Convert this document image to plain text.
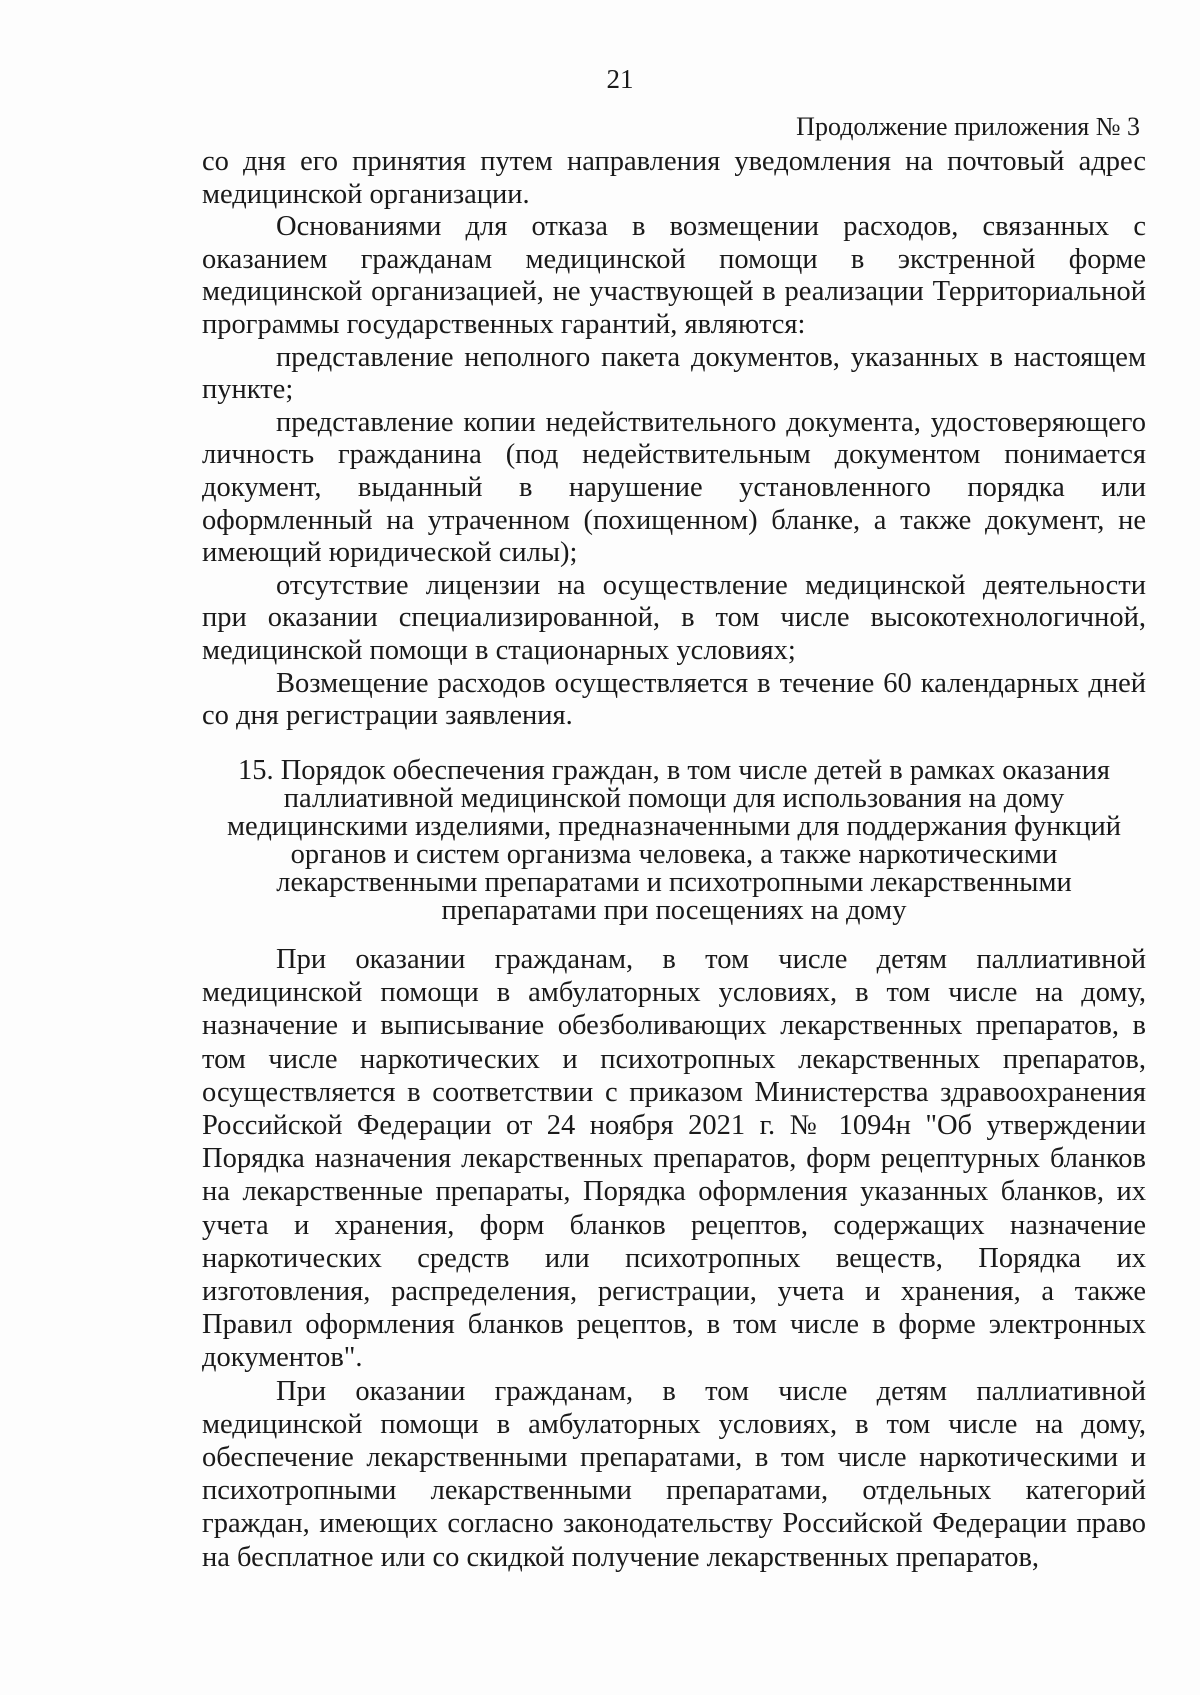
21
Продолжение приложения № 3

со дня его принятия путем направления уведомления на почтовый адрес медицинской организации.

Основаниями для отказа в возмещении расходов, связанных с оказанием гражданам медицинской помощи в экстренной форме медицинской организацией, не участвующей в реализации Территориальной программы государственных гарантий, являются:

представление неполного пакета документов, указанных в настоящем пункте;

представление копии недействительного документа, удостоверяющего личность гражданина (под недействительным документом понимается документ, выданный в нарушение установленного порядка или оформленный на утраченном (похищенном) бланке, а также документ, не имеющий юридической силы);

отсутствие лицензии на осуществление медицинской деятельности при оказании специализированной, в том числе высокотехнологичной, медицинской помощи в стационарных условиях;

Возмещение расходов осуществляется в течение 60 календарных дней со дня регистрации заявления.

15. Порядок обеспечения граждан, в том числе детей в рамках оказания паллиативной медицинской помощи для использования на дому медицинскими изделиями, предназначенными для поддержания функций органов и систем организма человека, а также наркотическими лекарственными препаратами и психотропными лекарственными препаратами при посещениях на дому

При оказании гражданам, в том числе детям паллиативной медицинской помощи в амбулаторных условиях, в том числе на дому, назначение и выписывание обезболивающих лекарственных препаратов, в том числе наркотических и психотропных лекарственных препаратов, осуществляется в соответствии с приказом Министерства здравоохранения Российской Федерации от 24 ноября 2021 г. № 1094н "Об утверждении Порядка назначения лекарственных препаратов, форм рецептурных бланков на лекарственные препараты, Порядка оформления указанных бланков, их учета и хранения, форм бланков рецептов, содержащих назначение наркотических средств или психотропных веществ, Порядка их изготовления, распределения, регистрации, учета и хранения, а также Правил оформления бланков рецептов, в том числе в форме электронных документов".

При оказании гражданам, в том числе детям паллиативной медицинской помощи в амбулаторных условиях, в том числе на дому, обеспечение лекарственными препаратами, в том числе наркотическими и психотропными лекарственными препаратами, отдельных категорий граждан, имеющих согласно законодательству Российской Федерации право на бесплатное или со скидкой получение лекарственных препаратов,
